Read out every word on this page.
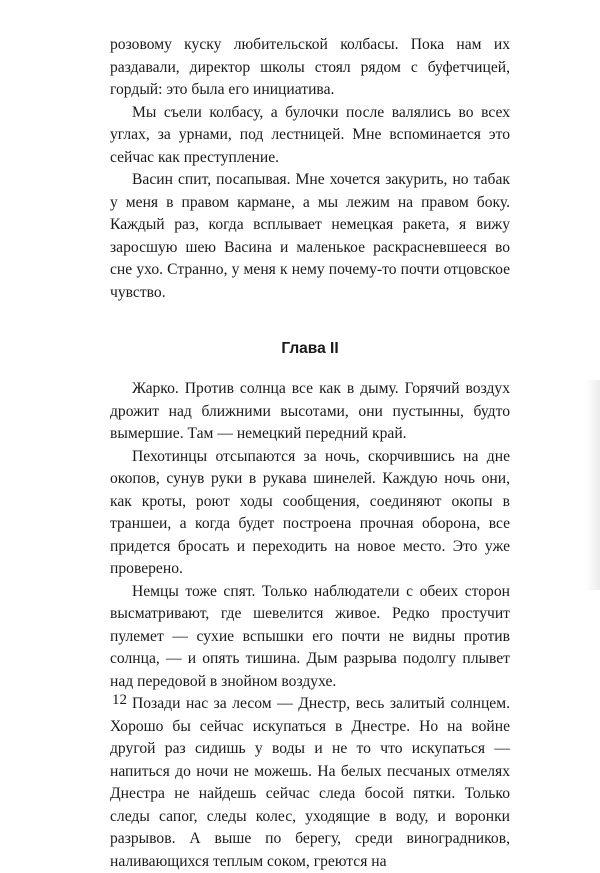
розовому куску любительской колбасы. Пока нам их раздавали, директор школы стоял рядом с буфетчицей, гордый: это была его инициатива.

Мы съели колбасу, а булочки после валялись во всех углах, за урнами, под лестницей. Мне вспоминается это сейчас как преступление.

Васин спит, посапывая. Мне хочется закурить, но табак у меня в правом кармане, а мы лежим на правом боку. Каждый раз, когда всплывает немецкая ракета, я вижу заросшую шею Васина и маленькое раскрасневшееся во сне ухо. Странно, у меня к нему почему-то почти отцовское чувство.

Глава II

Жарко. Против солнца все как в дыму. Горячий воздух дрожит над ближними высотами, они пустынны, будто вымершие. Там — немецкий передний край.

Пехотинцы отсыпаются за ночь, скорчившись на дне окопов, сунув руки в рукава шинелей. Каждую ночь они, как кроты, роют ходы сообщения, соединяют окопы в траншеи, а когда будет построена прочная оборона, все придется бросать и переходить на новое место. Это уже проверено.

Немцы тоже спят. Только наблюдатели с обеих сторон высматривают, где шевелится живое. Редко простучит пулемет — сухие вспышки его почти не видны против солнца, — и опять тишина. Дым разрыва подолгу плывет над передовой в знойном воздухе.

Позади нас за лесом — Днестр, весь залитый солнцем. Хорошо бы сейчас искупаться в Днестре. Но на войне другой раз сидишь у воды и не то что искупаться — напиться до ночи не можешь. На белых песчаных отмелях Днестра не найдешь сейчас следа босой пятки. Только следы сапог, следы колес, уходящие в воду, и воронки разрывов. А выше по берегу, среди виноградников, наливающихся теплым соком, греются на

12
